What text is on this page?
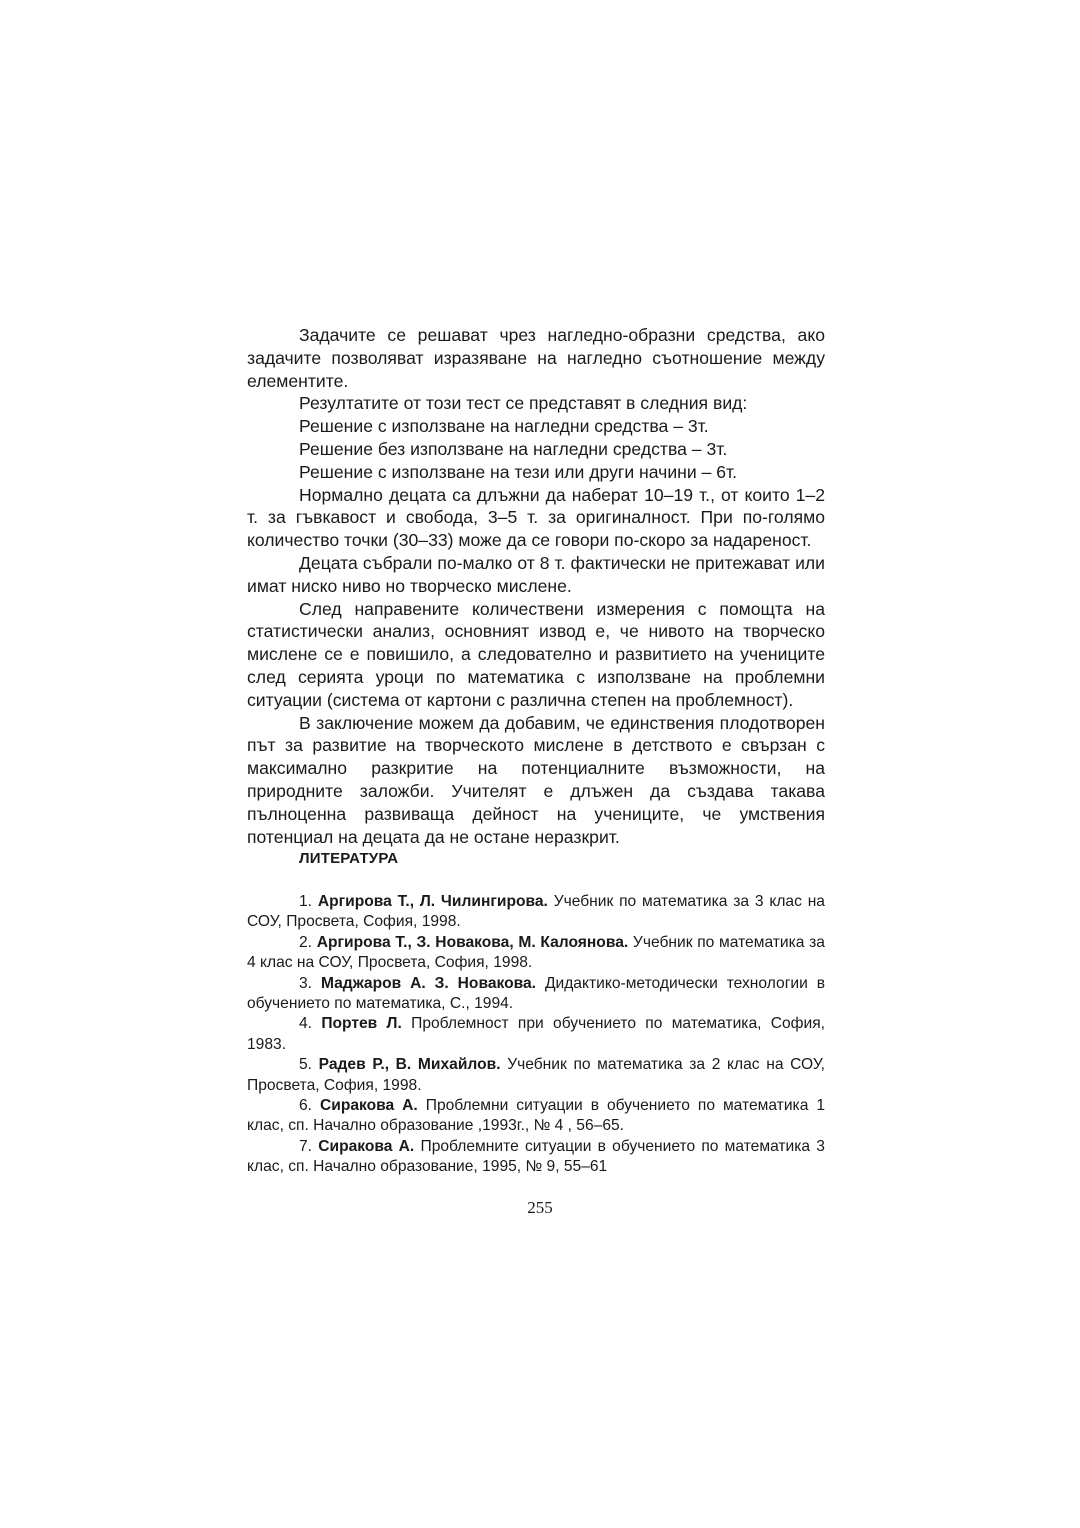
Задачите се решават чрез нагледно-образни средства, ако задачите позволяват изразяване на нагледно съотношение между елементите.

Резултатите от този тест се представят в следния вид:

Решение с използване на нагледни средства – 3т.

Решение без използване на нагледни средства – 3т.

Решение с използване на тези или други начини – 6т.

Нормално децата са длъжни да наберат 10–19 т., от които 1–2 т. за гъвкавост и свобода, 3–5 т. за оригиналност. При по-голямо количество точки (30–33) може да се говори по-скоро за надареност.

Децата събрали по-малко от 8 т. фактически не притежават или имат ниско ниво но творческо мислене.

След направените количествени измерения с помощта на статистически анализ, основният извод е, че нивото на творческо мислене се е повишило, а следователно и развитието на учениците след серията уроци по математика с използване на проблемни ситуации (система от картони с различна степен на проблемност).

В заключение можем да добавим, че единствения плодотворен път за развитие на творческото мислене в детството е свързан с максимално разкритие на потенциалните възможности, на природните заложби. Учителят е длъжен да създава такава пълноценна развиваща дейност на учениците, че умствения потенциал на децата да не остане неразкрит.

ЛИТЕРАТУРА

1. Аргирова Т., Л. Чилингирова. Учебник по математика за 3 клас на СОУ, Просвета, София, 1998.

2. Аргирова Т., З. Новакова, М. Калоянова. Учебник по математика за 4 клас на СОУ, Просвета, София, 1998.

3. Маджаров А. З. Новакова. Дидактико-методически технологии в обучението по математика, С., 1994.

4. Портев Л. Проблемност при обучението по математика, София, 1983.

5. Радев Р., В. Михайлов. Учебник по математика за 2 клас на СОУ, Просвета, София, 1998.

6. Сиракова А. Проблемни ситуации в обучението по математика 1 клас, сп. Начално образование ,1993г., № 4 , 56–65.

7. Сиракова А. Проблемните ситуации в обучението по математика 3 клас, сп. Начално образование, 1995, № 9, 55–61

255
